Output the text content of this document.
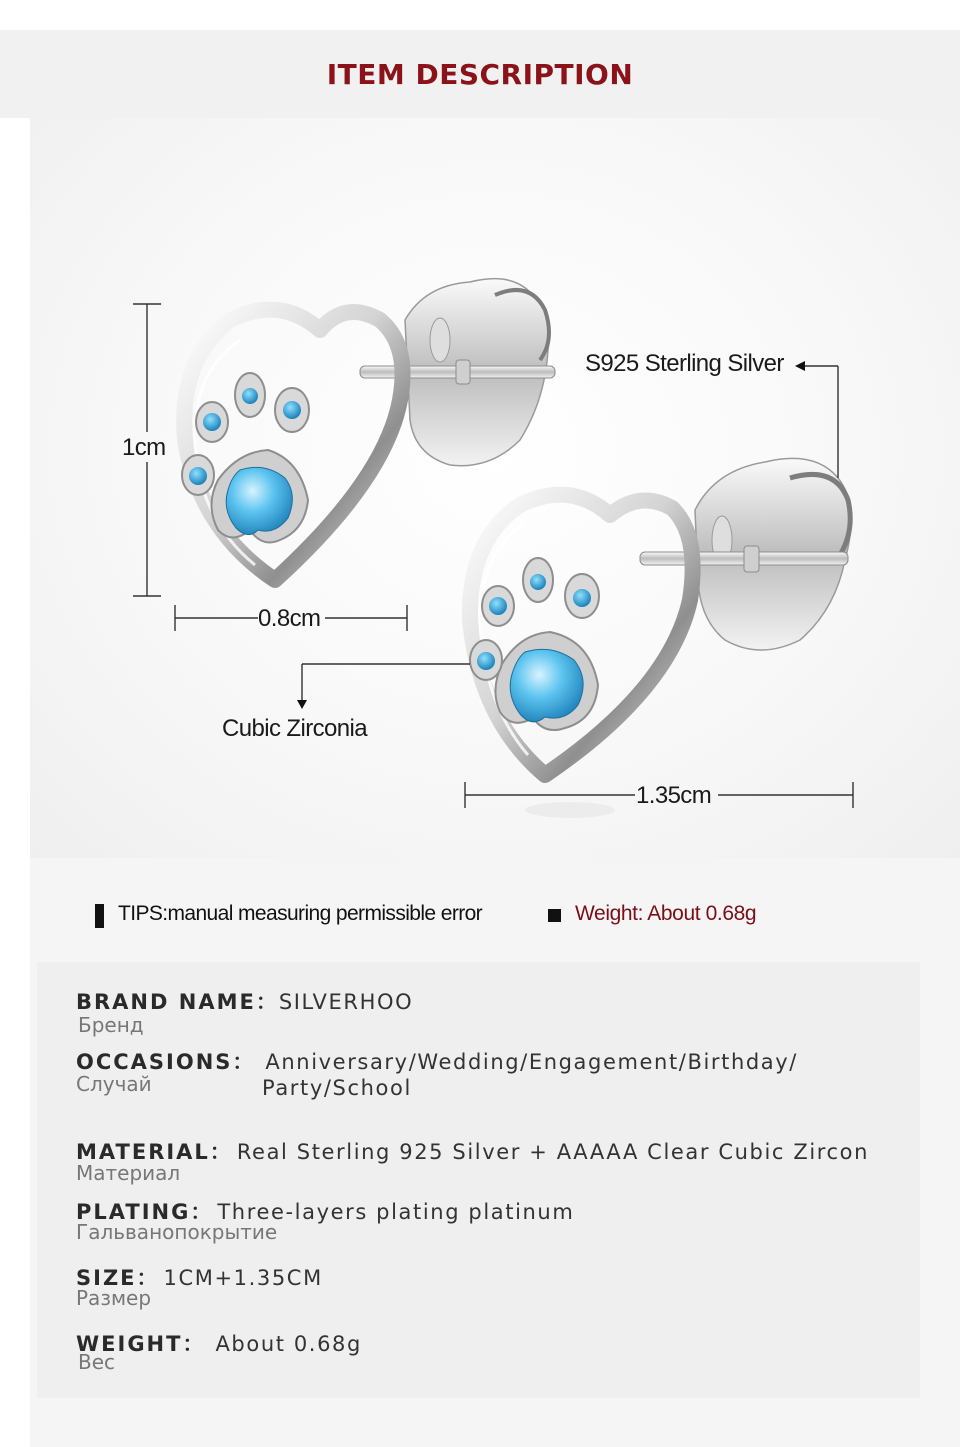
ITEM DESCRIPTION
S925 Sterling Silver
Cubic Zirconia
1cm
0.8cm
1.35cm
TIPS:manual measuring permissible error	Weight: About 0.68g
BRAND NAME：SILVERHOO
Бренд
OCCASIONS： Anniversary/Wedding/Engagement/Birthday/
Случай	Party/School
MATERIAL： Real Sterling 925 Silver + AAAAA Clear Cubic Zircon
Материал
PLATING： Three-layers plating platinum
Гальванопокрытие
SIZE： 1CM+1.35CM
Размер
WEIGHT： About 0.68g
Вес
